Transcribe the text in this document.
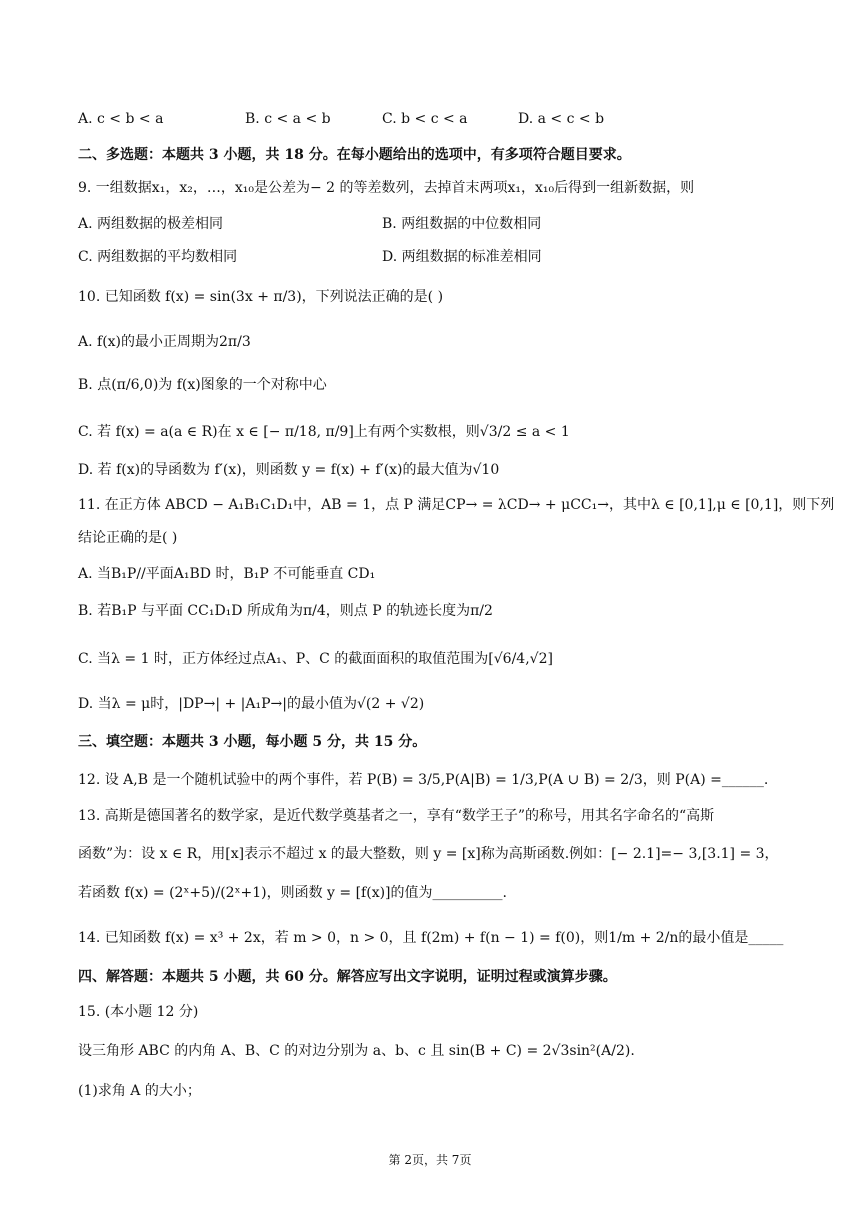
A. c < b < a	B. c < a < b	C. b < c < a	D. a < c < b
二、多选题：本题共 3 小题，共 18 分。在每小题给出的选项中，有多项符合题目要求。
9. 一组数据x₁，x₂，…，x₁₀是公差为− 2 的等差数列，去掉首末两项x₁，x₁₀后得到一组新数据，则
A. 两组数据的极差相同	B. 两组数据的中位数相同
C. 两组数据的平均数相同	D. 两组数据的标准差相同
10. 已知函数 f(x) = sin(3x + π/3)，下列说法正确的是( )
A. f(x)的最小正周期为2π/3
B. 点(π/6,0)为 f(x)图象的一个对称中心
C. 若 f(x) = a(a ∈ R)在 x ∈ [− π/18, π/9]上有两个实数根，则√3/2 ≤ a < 1
D. 若 f(x)的导函数为 f′(x)，则函数 y = f(x) + f′(x)的最大值为√10
11. 在正方体 ABCD − A₁B₁C₁D₁中，AB = 1，点 P 满足CP→ = λCD→ + μCC₁→，其中λ ∈ [0,1],μ ∈ [0,1]，则下列
结论正确的是( )
A. 当B₁P//平面A₁BD 时，B₁P 不可能垂直 CD₁
B. 若B₁P 与平面 CC₁D₁D 所成角为π/4，则点 P 的轨迹长度为π/2
C. 当λ = 1 时，正方体经过点A₁、P、C 的截面面积的取值范围为[√6/4,√2]
D. 当λ = μ时，|DP→| + |A₁P→|的最小值为√(2 + √2)
三、填空题：本题共 3 小题，每小题 5 分，共 15 分。
12. 设 A,B 是一个随机试验中的两个事件，若 P(B) = 3/5,P(A|B) = 1/3,P(A ∪ B) = 2/3，则 P(A) =______.
13. 高斯是德国著名的数学家，是近代数学奠基者之一，享有“数学王子”的称号，用其名字命名的“高斯
函数”为：设 x ∈ R，用[x]表示不超过 x 的最大整数，则 y = [x]称为高斯函数.例如：[− 2.1]=− 3,[3.1] = 3，
若函数 f(x) = (2ˣ+5)/(2ˣ+1)，则函数 y = [f(x)]的值为__________.
14. 已知函数 f(x) = x³ + 2x，若 m > 0，n > 0，且 f(2m) + f(n − 1) = f(0)，则1/m + 2/n的最小值是_____
四、解答题：本题共 5 小题，共 60 分。解答应写出文字说明，证明过程或演算步骤。
15. (本小题 12 分)
设三角形 ABC 的内角 A、B、C 的对边分别为 a、b、c 且 sin(B + C) = 2√3sin²(A/2).
(1)求角 A 的大小；
第 2页，共 7页
